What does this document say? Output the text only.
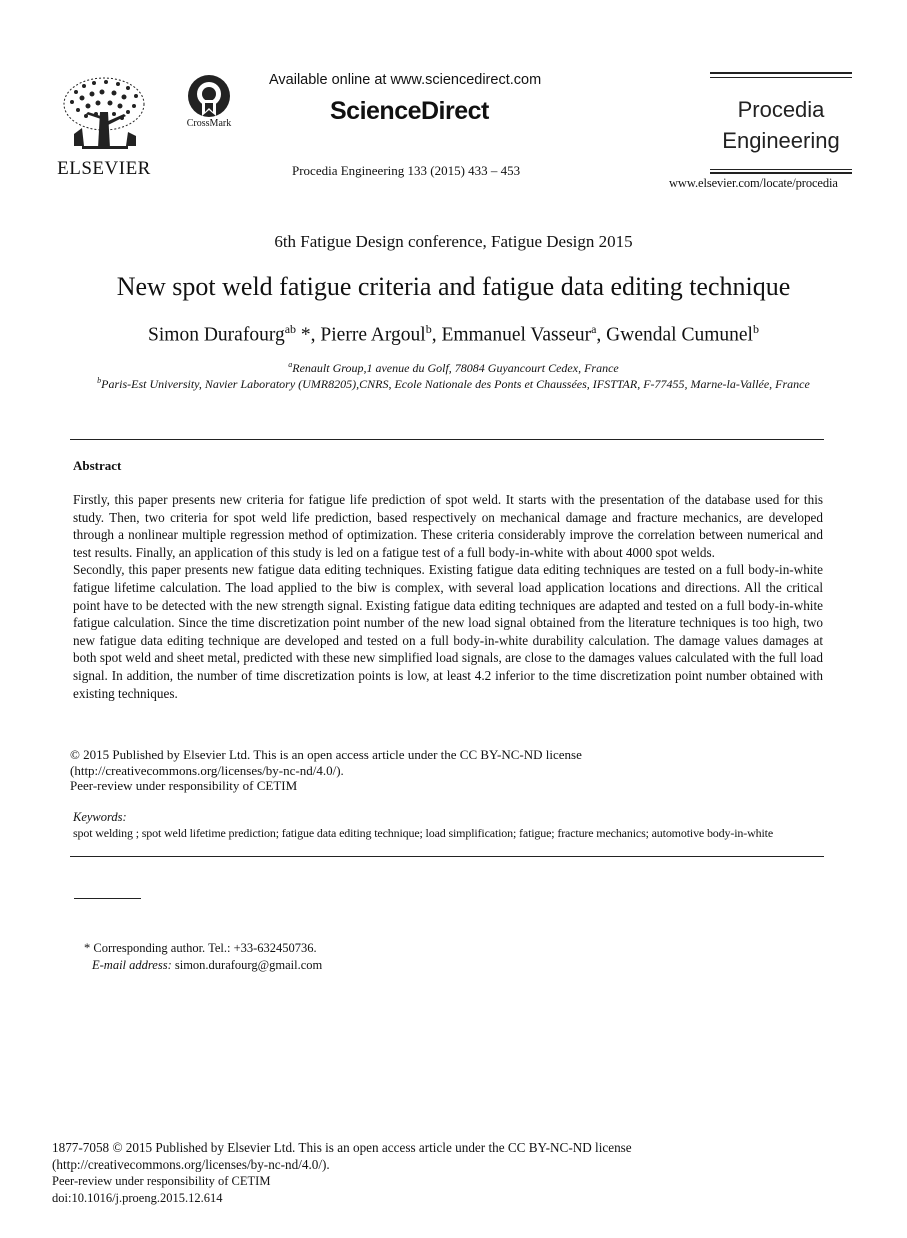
ELSEVIER
CrossMark
Available online at www.sciencedirect.com
ScienceDirect
Procedia Engineering 133 (2015) 433 – 453
Procedia
Engineering
www.elsevier.com/locate/procedia
6th Fatigue Design conference, Fatigue Design 2015
New spot weld fatigue criteria and fatigue data editing technique
Simon Durafourg$^{ab}$ *, Pierre Argoul$^b$, Emmanuel Vasseur$^a$, Gwendal Cumunel$^b$
$^a$Renault Group,1 avenue du Golf, 78084 Guyancourt Cedex, France
$^b$Paris-Est University, Navier Laboratory (UMR8205),CNRS, Ecole Nationale des Ponts et Chaussées, IFSTTAR, F-77455, Marne-la-Vallée, France
Abstract

Firstly, this paper presents new criteria for fatigue life prediction of spot weld. It starts with the presentation of the database used for this study. Then, two criteria for spot weld life prediction, based respectively on mechanical damage and fracture mechanics, are developed through a nonlinear multiple regression method of optimization. These criteria considerably improve the correlation between numerical and test results. Finally, an application of this study is led on a fatigue test of a full body-in-white with about 4000 spot welds.

Secondly, this paper presents new fatigue data editing techniques. Existing fatigue data editing techniques are tested on a full body-in-white fatigue lifetime calculation. The load applied to the biw is complex, with several load application locations and directions. All the critical point have to be detected with the new strength signal. Existing fatigue data editing techniques are adapted and tested on a full body-in-white fatigue calculation. Since the time discretization point number of the new load signal obtained from the literature techniques is too high, two new fatigue data editing technique are developed and tested on a full body-in-white durability calculation. The damage values damages at both spot weld and sheet metal, predicted with these new simplified load signals, are close to the damages values calculated with the full load signal. In addition, the number of time discretization points is low, at least 4.2 inferior to the time discretization point number obtained with existing techniques.

© 2015 Published by Elsevier Ltd. This is an open access article under the CC BY-NC-ND license
(http://creativecommons.org/licenses/by-nc-nd/4.0/).
Peer-review under responsibility of CETIM
Keywords:
spot welding ; spot weld lifetime prediction; fatigue data editing technique; load simplification; fatigue; fracture mechanics; automotive body-in-white
* Corresponding author. Tel.: +33-632450736.
E-mail address: simon.durafourg@gmail.com
1877-7058 © 2015 Published by Elsevier Ltd. This is an open access article under the CC BY-NC-ND license
(http://creativecommons.org/licenses/by-nc-nd/4.0/).
Peer-review under responsibility of CETIM
doi:10.1016/j.proeng.2015.12.614
